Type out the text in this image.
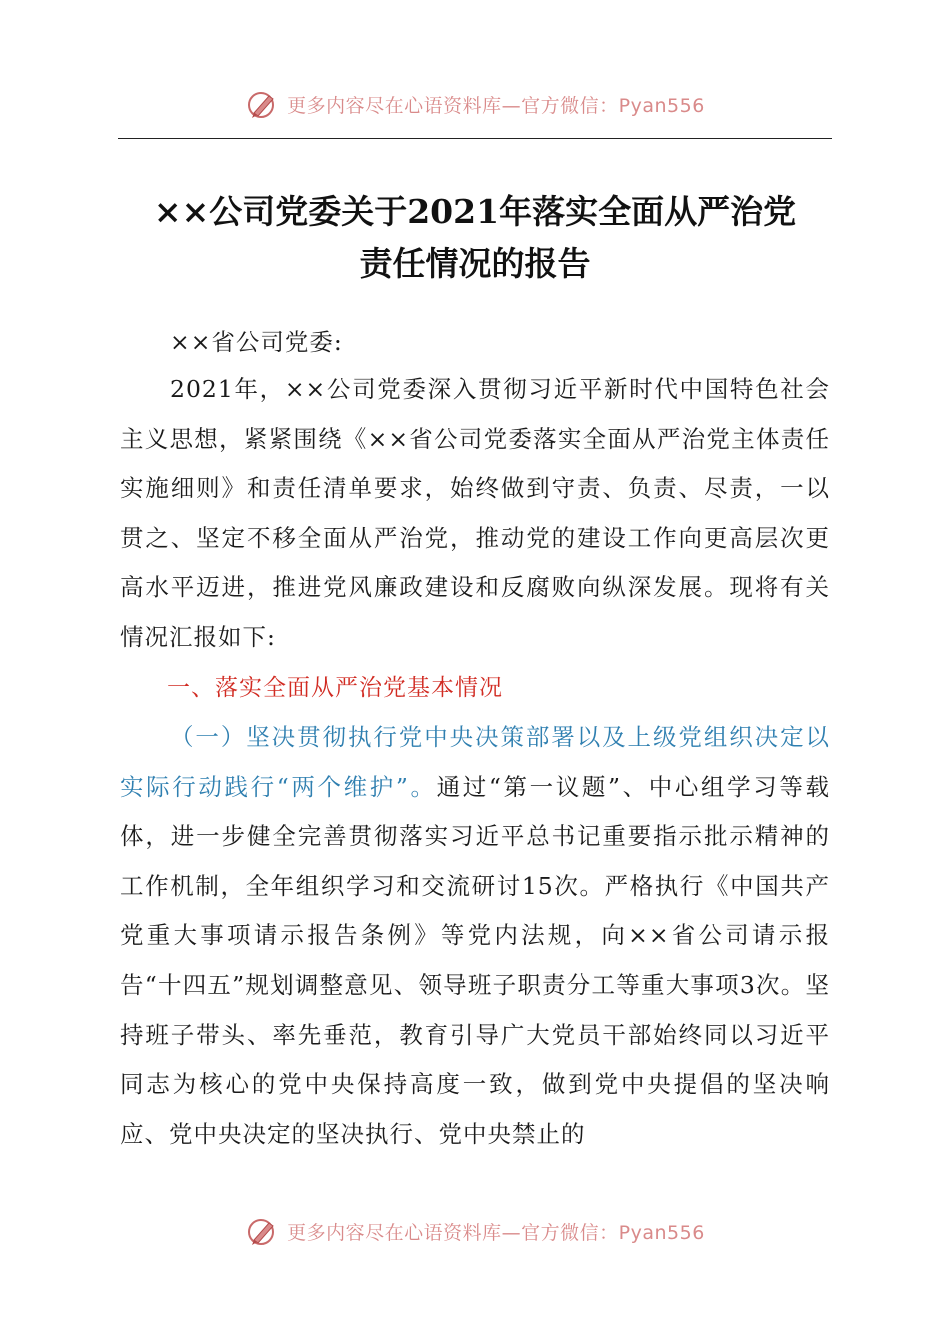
更多内容尽在心语资料库—官方微信：Pyan556
××公司党委关于2021年落实全面从严治党
责任情况的报告
××省公司党委:
2021年，××公司党委深入贯彻习近平新时代中国特色社会主义思想，紧紧围绕《××省公司党委落实全面从严治党主体责任实施细则》和责任清单要求，始终做到守责、负责、尽责，一以贯之、坚定不移全面从严治党，推动党的建设工作向更高层次更高水平迈进，推进党风廉政建设和反腐败向纵深发展。现将有关情况汇报如下:
一、落实全面从严治党基本情况
（一）坚决贯彻执行党中央决策部署以及上级党组织决定以实际行动践行“两个维护”。通过“第一议题”、中心组学习等载体，进一步健全完善贯彻落实习近平总书记重要指示批示精神的工作机制，全年组织学习和交流研讨15次。严格执行《中国共产党重大事项请示报告条例》等党内法规，向××省公司请示报告“十四五”规划调整意见、领导班子职责分工等重大事项3次。坚持班子带头、率先垂范，教育引导广大党员干部始终同以习近平同志为核心的党中央保持高度一致，做到党中央提倡的坚决响应、党中央决定的坚决执行、党中央禁止的
更多内容尽在心语资料库—官方微信：Pyan556
